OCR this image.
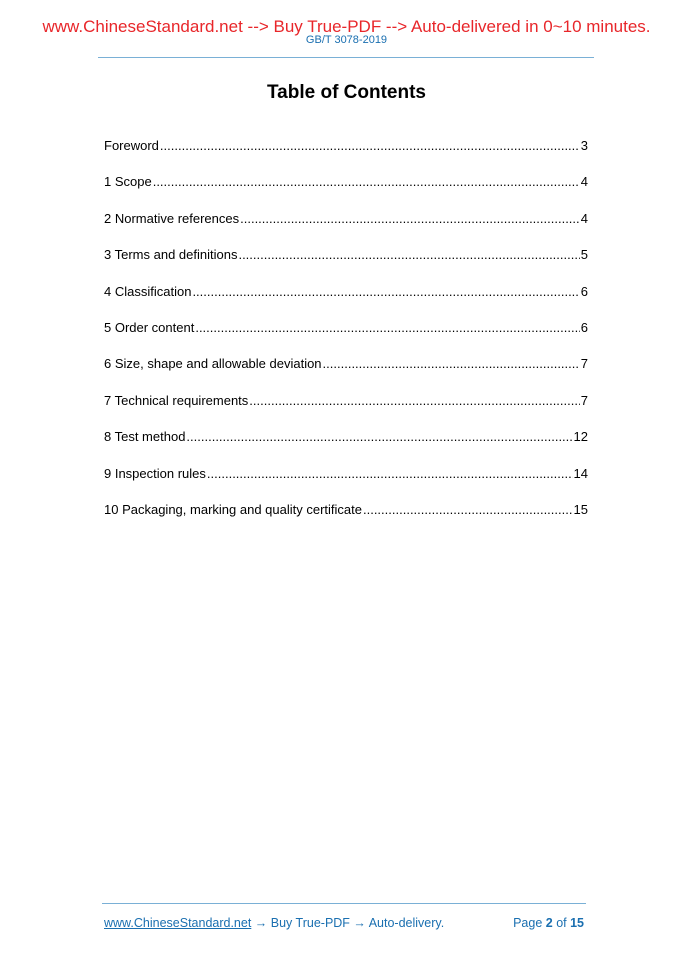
www.ChineseStandard.net --> Buy True-PDF --> Auto-delivered in 0~10 minutes.
GB/T 3078-2019
Table of Contents
Foreword .....	3
1 Scope .....	4
2 Normative references .....	4
3 Terms and definitions .....	5
4 Classification .....	6
5 Order content .....	6
6 Size, shape and allowable deviation .....	7
7 Technical requirements .....	7
8 Test method .....	12
9 Inspection rules .....	14
10 Packaging, marking and quality certificate .....	15
www.ChineseStandard.net → Buy True-PDF → Auto-delivery.	Page 2 of 15
